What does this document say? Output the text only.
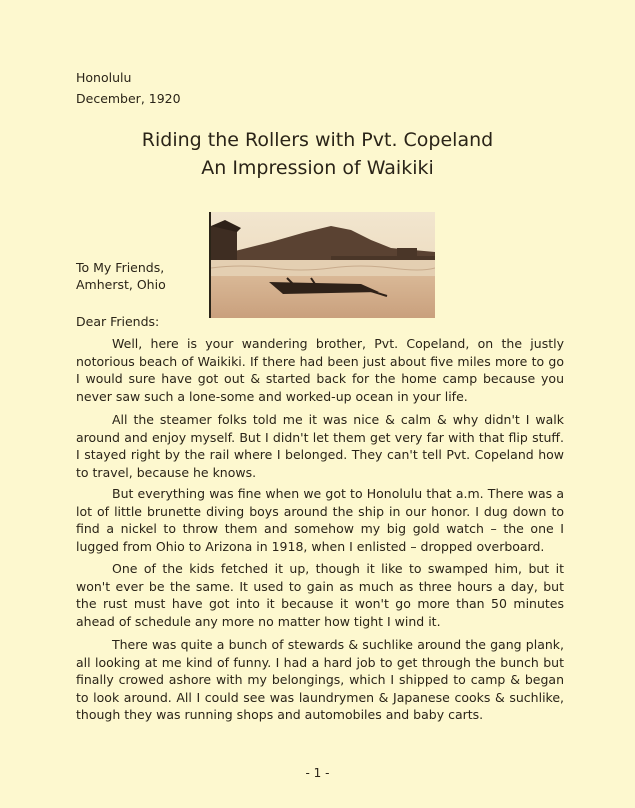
Honolulu
December, 1920
Riding the Rollers with Pvt. Copeland
An Impression of Waikiki
To My Friends,
Amherst, Ohio
Dear Friends:

Well, here is your wandering brother, Pvt. Copeland, on the justly notorious beach of Waikiki. If there had been just about five miles more to go I would sure have got out & started back for the home camp because you never saw such a lone-some and worked-up ocean in your life.

All the steamer folks told me it was nice & calm & why didn't I walk around and enjoy myself. But I didn't let them get very far with that flip stuff. I stayed right by the rail where I belonged. They can't tell Pvt. Copeland how to travel, because he knows.

But everything was fine when we got to Honolulu that a.m. There was a lot of little brunette diving boys around the ship in our honor. I dug down to find a nickel to throw them and somehow my big gold watch – the one I lugged from Ohio to Arizona in 1918, when I enlisted – dropped overboard.

One of the kids fetched it up, though it like to swamped him, but it won't ever be the same. It used to gain as much as three hours a day, but the rust must have got into it because it won't go more than 50 minutes ahead of schedule any more no matter how tight I wind it.

There was quite a bunch of stewards & suchlike around the gang plank, all looking at me kind of funny. I had a hard job to get through the bunch but finally crowed ashore with my belongings, which I shipped to camp & began to look around. All I could see was laundrymen & Japanese cooks & suchlike, though they was running shops and automobiles and baby carts.

- 1 -
